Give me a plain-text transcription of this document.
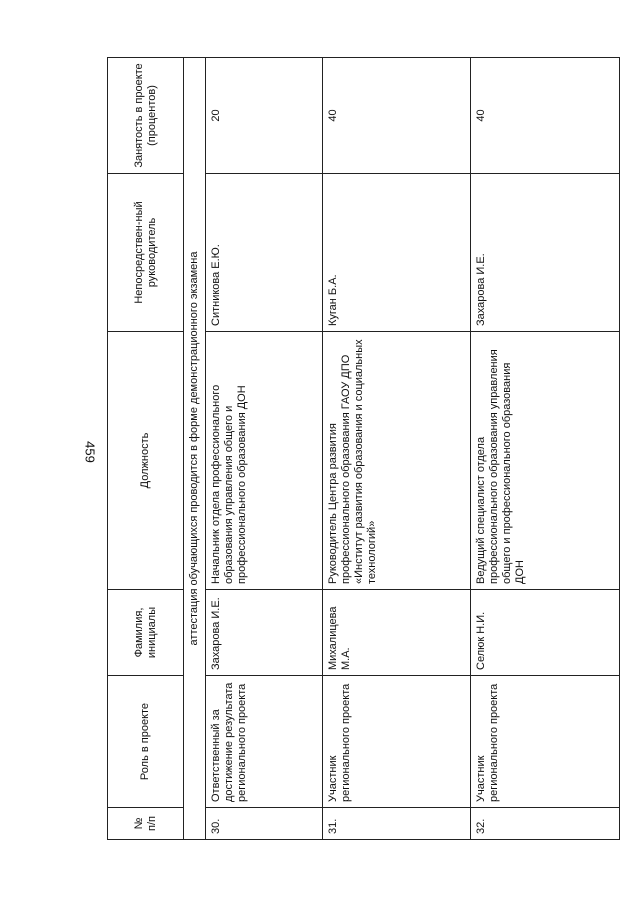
459
№ п/п	Роль в проекте	Фамилия, инициалы	Должность	Непосредствен-ный руководитель	Занятость в проекте (процентов)
аттестация обучающихся проводится в форме демонстрационного экзамена					
30.	Ответственный за достижение результата регионального проекта	Захарова И.Е.	Начальник отдела профессионального образования управления общего и профессионального образования ДОН	Ситникова Е.Ю.	20
31.	Участник регионального проекта	Михалицева М.А.	Руководитель Центра развития профессионального образования ГАОУ ДПО «Институт развития образования и социальных технологий»	Куган Б.А.	40
32.	Участник регионального проекта	Селюк Н.И.	Ведущий специалист отдела профессионального образования управления общего и профессионального образования ДОН	Захарова И.Е.	40
